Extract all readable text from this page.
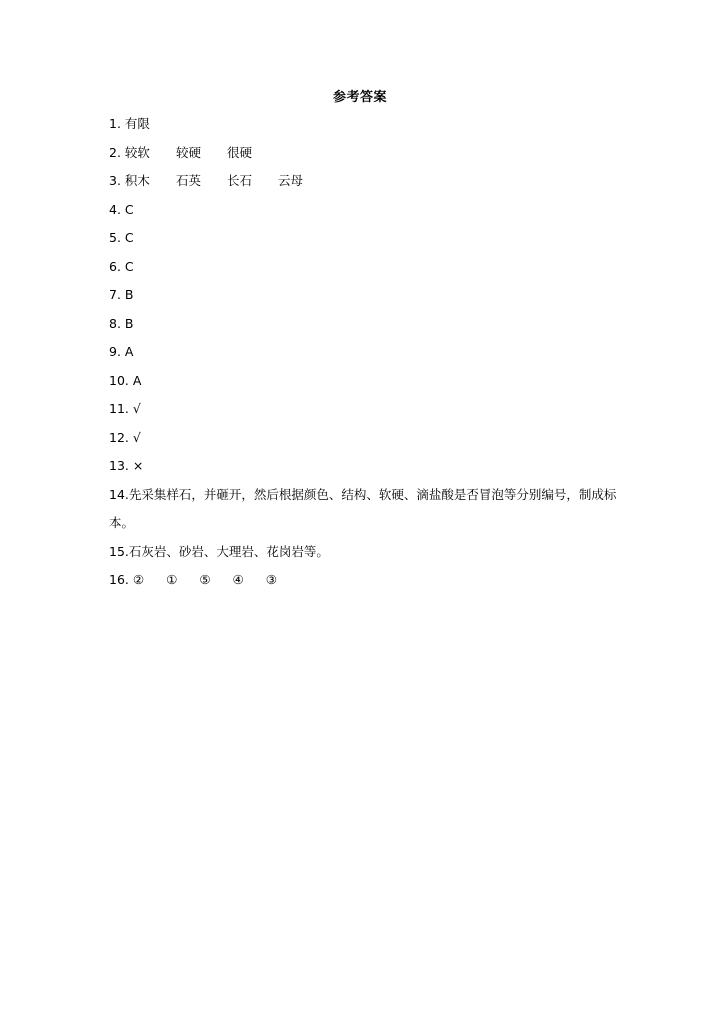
参考答案
1. 有限
2. 较软 较硬 很硬
3. 积木 石英 长石 云母
4. C
5. C
6. C
7. B
8. B
9. A
10. A
11. √
12. √
13. ×
14.先采集样石，并砸开，然后根据颜色、结构、软硬、滴盐酸是否冒泡等分别编号，制成标本。
15.石灰岩、砂岩、大理岩、花岗岩等。
16. ② ① ⑤ ④ ③
